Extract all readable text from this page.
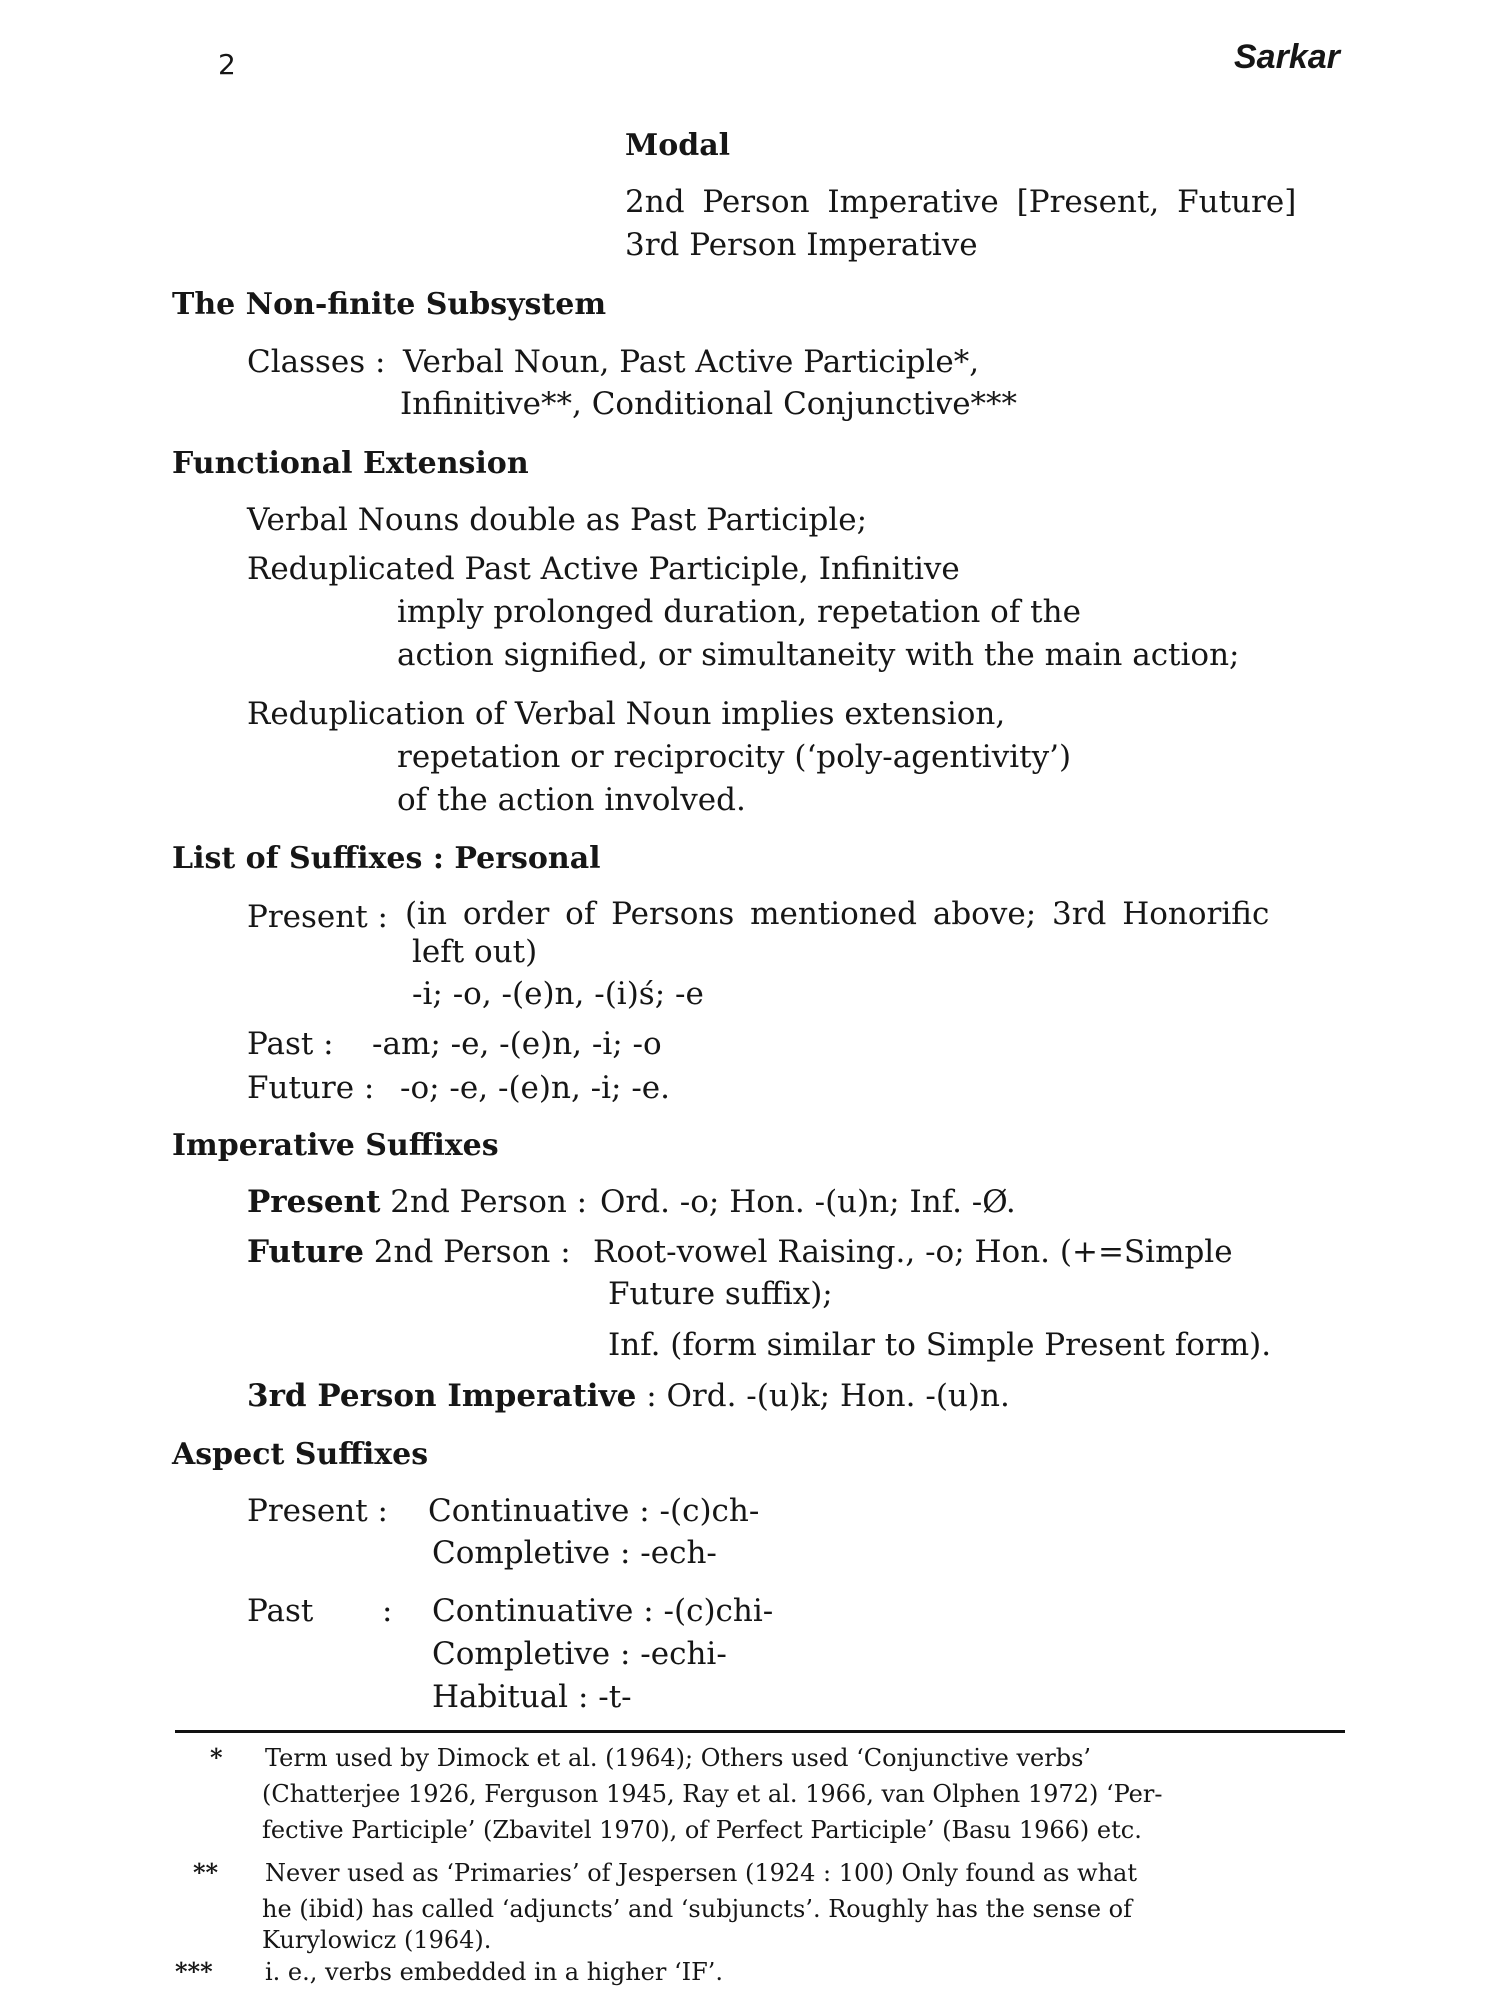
2	Sarkar
Modal
2nd Person Imperative [Present, Future]
3rd Person Imperative
The Non-finite Subsystem
Classes : Verbal Noun, Past Active Participle*,
Infinitive**, Conditional Conjunctive***
Functional Extension
Verbal Nouns double as Past Participle;
Reduplicated Past Active Participle, Infinitive
imply prolonged duration, repetation of the
action signified, or simultaneity with the main action;
Reduplication of Verbal Noun implies extension,
repetation or reciprocity (‘poly-agentivity’)
of the action involved.
List of Suffixes : Personal
Present : (in order of Persons mentioned above; 3rd Honorific
left out)
-i; -o, -(e)n, -(i)ś; -e
Past : -am; -e, -(e)n, -i; -o
Future : -o; -e, -(e)n, -i; -e.
Imperative Suffixes
Present 2nd Person : Ord. -o; Hon. -(u)n; Inf. -Ø.
Future 2nd Person : Root-vowel Raising., -o; Hon. (+=Simple
Future suffix);
Inf. (form similar to Simple Present form).
3rd Person Imperative : Ord. -(u)k; Hon. -(u)n.
Aspect Suffixes
Present : Continuative : -(c)ch-
Completive : -ech-
Past : Continuative : -(c)chi-
Completive : -echi-
Habitual : -t-
* Term used by Dimock et al. (1964); Others used ‘Conjunctive verbs’
(Chatterjee 1926, Ferguson 1945, Ray et al. 1966, van Olphen 1972) ‘Per-
fective Participle’ (Zbavitel 1970), of Perfect Participle’ (Basu 1966) etc.
** Never used as ‘Primaries’ of Jespersen (1924 : 100) Only found as what
he (ibid) has called ‘adjuncts’ and ‘subjuncts’. Roughly has the sense of
Kurylowicz (1964).
*** i. e., verbs embedded in a higher ‘IF’.
